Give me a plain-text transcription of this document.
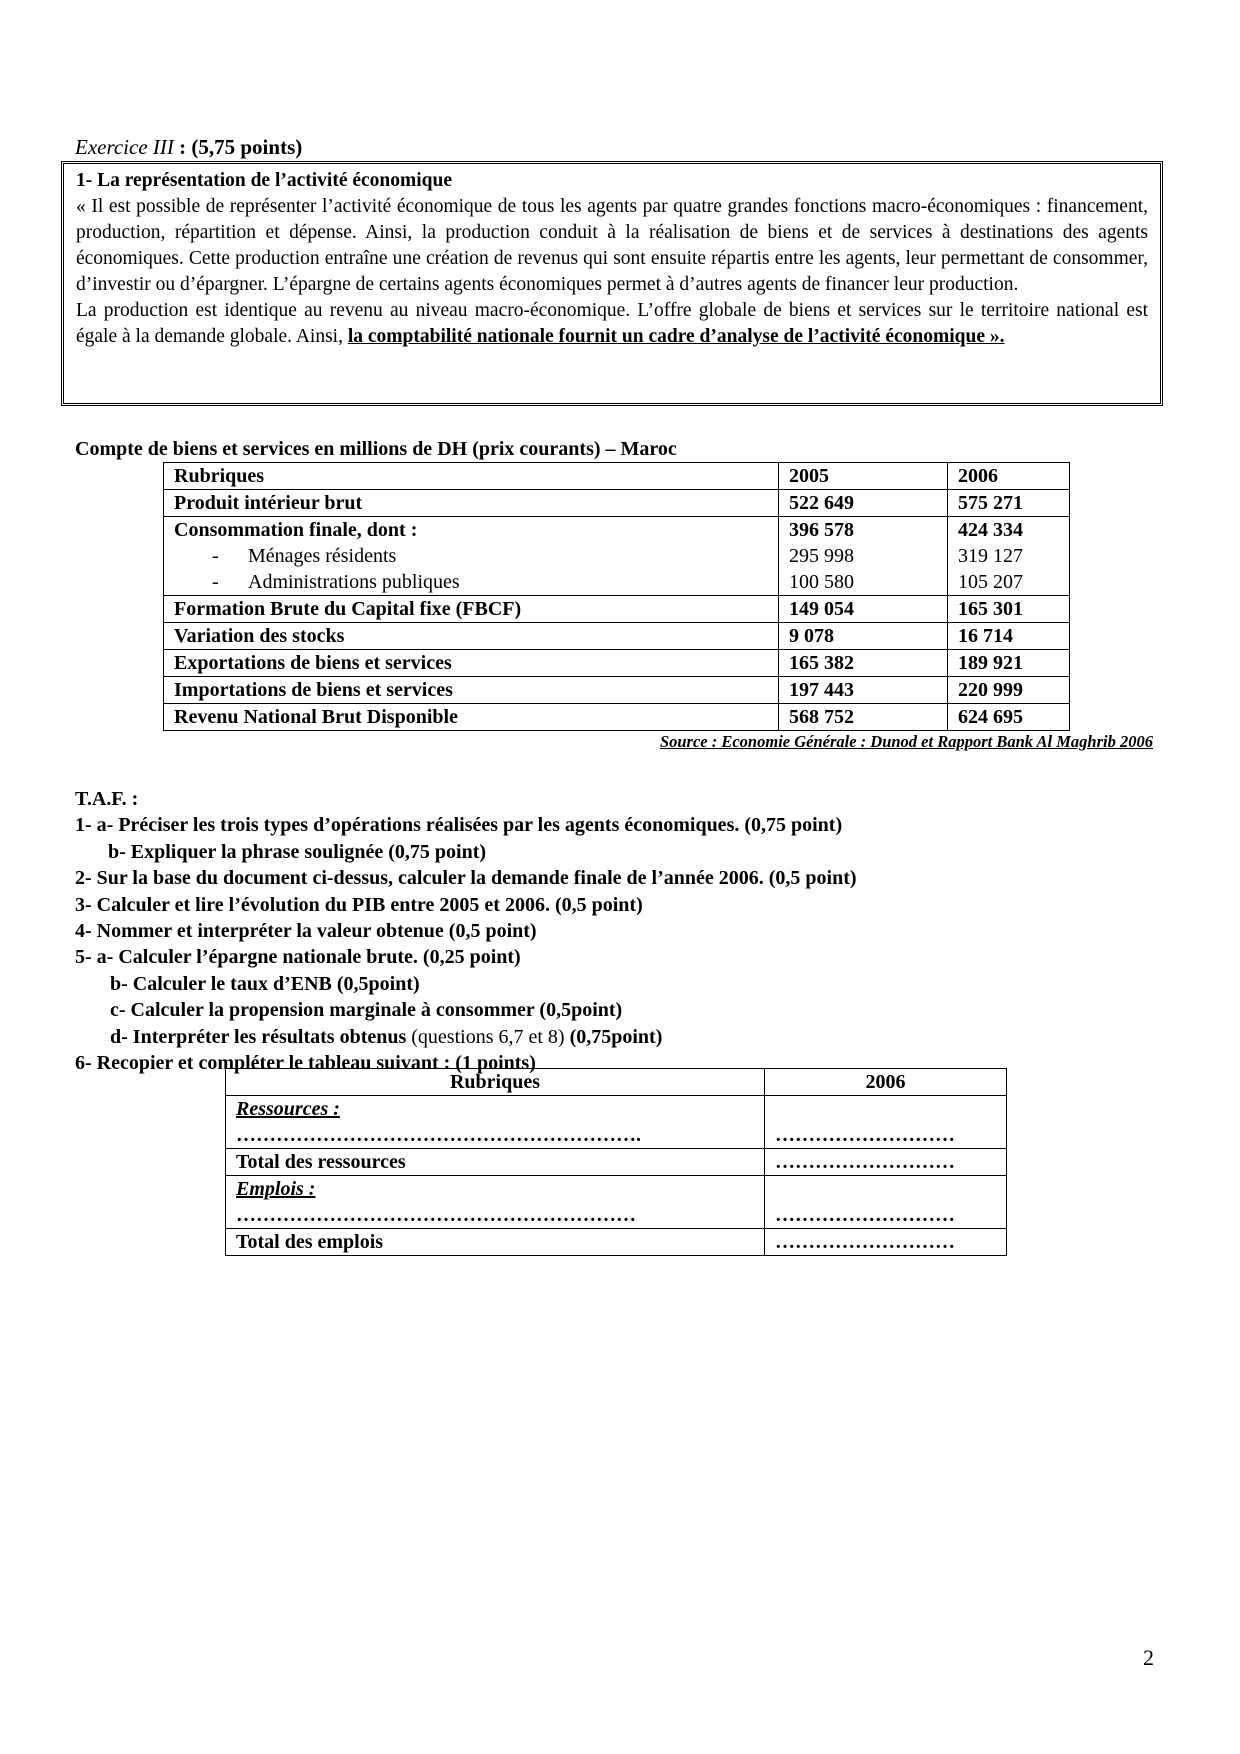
Exercice III : (5,75 points)
1- La représentation de l’activité économique

« Il est possible de représenter l’activité économique de tous les agents par quatre grandes fonctions macro-économiques : financement, production, répartition et dépense. Ainsi, la production conduit à la réalisation de biens et de services à destinations des agents économiques. Cette production entraîne une création de revenus qui sont ensuite répartis entre les agents, leur permettant de consommer, d’investir ou d’épargner. L’épargne de certains agents économiques permet à d’autres agents de financer leur production.

La production est identique au revenu au niveau macro-économique. L’offre globale de biens et services sur le territoire national est égale à la demande globale. Ainsi, la comptabilité nationale fournit un cadre d’analyse de l’activité économique ».

Compte de biens et services en millions de DH (prix courants) – Maroc
Rubriques	2005	2006
Produit intérieur brut	522 649	575 271
Consommation finale, dont :	396 578	424 334
- Ménages résidents	295 998	319 127
- Administrations publiques	100 580	105 207
Formation Brute du Capital fixe (FBCF)	149 054	165 301
Variation des stocks	9 078	16 714
Exportations de biens et services	165 382	189 921
Importations de biens et services	197 443	220 999
Revenu National Brut Disponible	568 752	624 695
Source : Economie Générale : Dunod et Rapport Bank Al Maghrib 2006
T.A.F. :
1- a- Préciser les trois types d’opérations réalisées par les agents économiques. (0,75 point)
b- Expliquer la phrase soulignée (0,75 point)
2- Sur la base du document ci-dessus, calculer la demande finale de l’année 2006. (0,5 point)
3- Calculer et lire l’évolution du PIB entre 2005 et 2006. (0,5 point)
4- Nommer et interpréter la valeur obtenue (0,5 point)
5- a- Calculer l’épargne nationale brute. (0,25 point)
b- Calculer le taux d’ENB (0,5point)
c- Calculer la propension marginale à consommer (0,5point)
d- Interpréter les résultats obtenus (questions 6,7 et 8) (0,75point)
6- Recopier et compléter le tableau suivant : (1 points)
Rubriques	2006

Ressources :
…………………………………………………….	………………………

Total des ressources	………………………

Emplois :
……………………………………………………	………………………

Total des emplois	………………………
2
